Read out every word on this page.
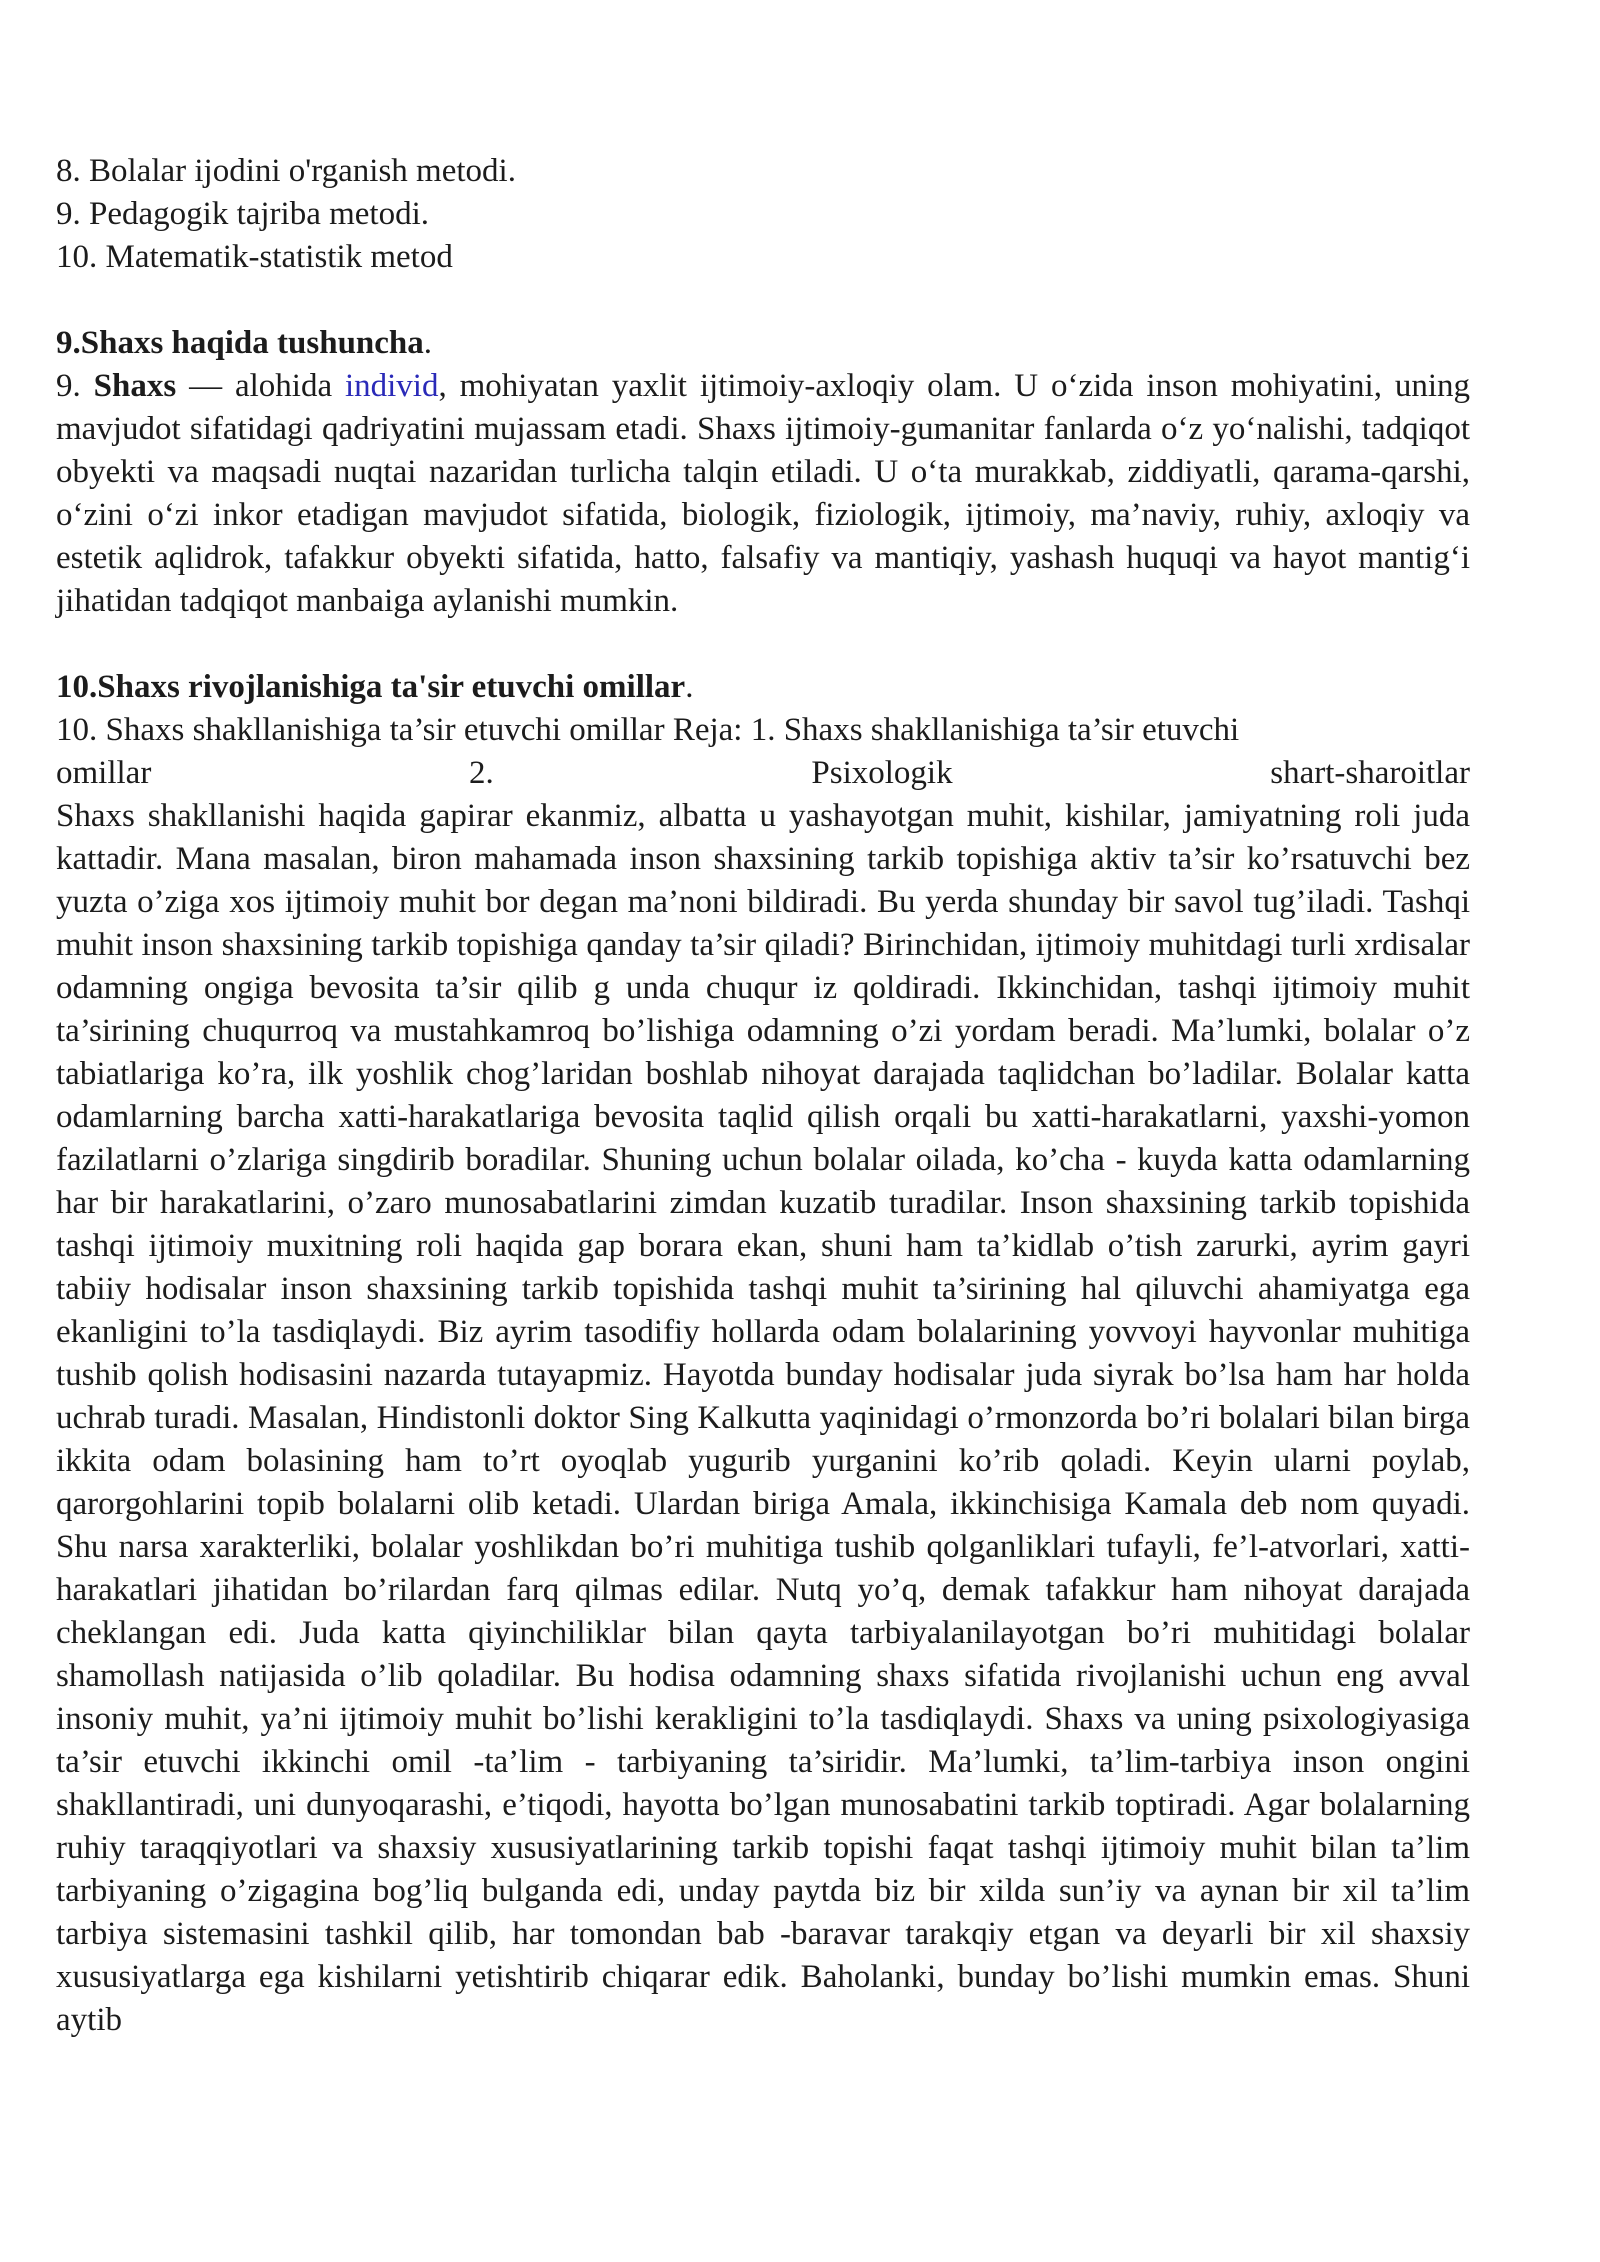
8. Bolalar ijodini o'rganish metodi.

9. Pedagogik tajriba metodi.

10. Matematik-statistik metod

9.Shaxs haqida tushuncha.

9. Shaxs — alohida individ, mohiyatan yaxlit ijtimoiy-axloqiy olam. U o‘zida inson mohiyatini, uning mavjudot sifatidagi qadriyatini mujassam etadi. Shaxs ijtimoiy-gumanitar fanlarda o‘z yo‘nalishi, tadqiqot obyekti va maqsadi nuqtai nazaridan turlicha talqin etiladi. U o‘ta murakkab, ziddiyatli, qarama-qarshi, o‘zini o‘zi inkor etadigan mavjudot sifatida, biologik, fiziologik, ijtimoiy, ma’naviy, ruhiy, axloqiy va estetik aqlidrok, tafakkur obyekti sifatida, hatto, falsafiy va mantiqiy, yashash huquqi va hayot mantig‘i jihatidan tadqiqot manbaiga aylanishi mumkin.

10.Shaxs rivojlanishiga ta'sir etuvchi omillar.

10. Shaxs shakllanishiga ta’sir etuvchi omillar Reja: 1. Shaxs shakllanishiga ta’sir etuvchi

omillar	2.	Psixologik	shart-sharoitlar

Shaxs shakllanishi haqida gapirar ekanmiz, albatta u yashayotgan muhit, kishilar, jamiyatning roli juda kattadir. Mana masalan, biron mahamada inson shaxsining tarkib topishiga aktiv ta’sir ko’rsatuvchi bez yuzta o’ziga xos ijtimoiy muhit bor degan ma’noni bildiradi. Bu yerda shunday bir savol tug’iladi. Tashqi muhit inson shaxsining tarkib topishiga qanday ta’sir qiladi? Birinchidan, ijtimoiy muhitdagi turli xrdisalar odamning ongiga bevosita ta’sir qilib g unda chuqur iz qoldiradi. Ikkinchidan, tashqi ijtimoiy muhit ta’sirining chuqurroq va mustahkamroq bo’lishiga odamning o’zi yordam beradi. Ma’lumki, bolalar o’z tabiatlariga ko’ra, ilk yoshlik chog’laridan boshlab nihoyat darajada taqlidchan bo’ladilar. Bolalar katta odamlarning barcha xatti-harakatlariga bevosita taqlid qilish orqali bu xatti-harakatlarni, yaxshi-yomon fazilatlarni o’zlariga singdirib boradilar. Shuning uchun bolalar oilada, ko’cha - kuyda katta odamlarning har bir harakatlarini, o’zaro munosabatlarini zimdan kuzatib turadilar. Inson shaxsining tarkib topishida tashqi ijtimoiy muxitning roli haqida gap borara ekan, shuni ham ta’kidlab o’tish zarurki, ayrim gayri tabiiy hodisalar inson shaxsining tarkib topishida tashqi muhit ta’sirining hal qiluvchi ahamiyatga ega ekanligini to’la tasdiqlaydi. Biz ayrim tasodifiy hollarda odam bolalarining yovvoyi hayvonlar muhitiga tushib qolish hodisasini nazarda tutayapmiz. Hayotda bunday hodisalar juda siyrak bo’lsa ham har holda uchrab turadi. Masalan, Hindistonli doktor Sing Kalkutta yaqinidagi o’rmonzorda bo’ri bolalari bilan birga ikkita odam bolasining ham to’rt oyoqlab yugurib yurganini ko’rib qoladi. Keyin ularni poylab, qarorgohlarini topib bolalarni olib ketadi. Ulardan biriga Amala, ikkinchisiga Kamala deb nom quyadi. Shu narsa xarakterliki, bolalar yoshlikdan bo’ri muhitiga tushib qolganliklari tufayli, fe’l-atvorlari, xatti-harakatlari jihatidan bo’rilardan farq qilmas edilar. Nutq yo’q, demak tafakkur ham nihoyat darajada cheklangan edi. Juda katta qiyinchiliklar bilan qayta tarbiyalanilayotgan bo’ri muhitidagi bolalar shamollash natijasida o’lib qoladilar. Bu hodisa odamning shaxs sifatida rivojlanishi uchun eng avval insoniy muhit, ya’ni ijtimoiy muhit bo’lishi kerakligini to’la tasdiqlaydi. Shaxs va uning psixologiyasiga ta’sir etuvchi ikkinchi omil -ta’lim - tarbiyaning ta’siridir. Ma’lumki, ta’lim-tarbiya inson ongini shakllantiradi, uni dunyoqarashi, e’tiqodi, hayotta bo’lgan munosabatini tarkib toptiradi. Agar bolalarning ruhiy taraqqiyotlari va shaxsiy xususiyatlarining tarkib topishi faqat tashqi ijtimoiy muhit bilan ta’lim tarbiyaning o’zigagina bog’liq bulganda edi, unday paytda biz bir xilda sun’iy va aynan bir xil ta’lim tarbiya sistemasini tashkil qilib, har tomondan bab -baravar tarakqiy etgan va deyarli bir xil shaxsiy xususiyatlarga ega kishilarni yetishtirib chiqarar edik. Baholanki, bunday bo’lishi mumkin emas. Shuni aytib
